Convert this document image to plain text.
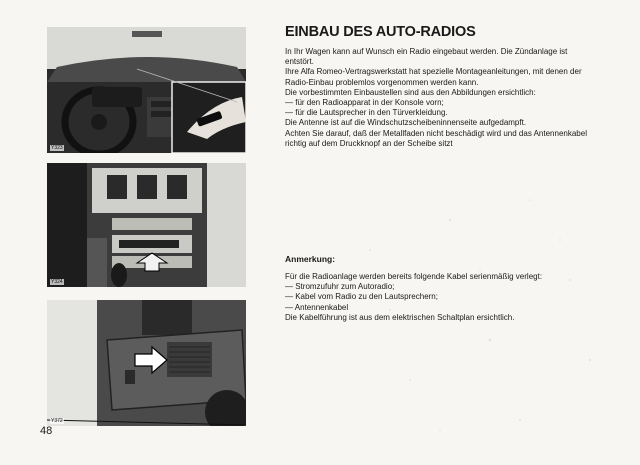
Y323
Y324
Y372
48
EINBAU DES AUTO-RADIOS
In Ihr Wagen kann auf Wunsch ein Radio eingebaut werden. Die Zündanlage ist
entstört.
Ihre Alfa Romeo-Vertragswerkstatt hat spezielle Montageanleitungen, mit denen der
Radio-Einbau problemlos vorgenommen werden kann.
Die vorbestimmten Einbaustellen sind aus den Abbildungen ersichtlich:
— für den Radioapparat in der Konsole vorn;
— für die Lautsprecher in den Türverkleidung.
Die Antenne ist auf die Windschutzscheibeninnenseite aufgedampft.
Achten Sie darauf, daß der Metallfaden nicht beschädigt wird und das Antennenkabel
richtig auf dem Druckknopf an der Scheibe sitzt
Anmerkung:
Für die Radioanlage werden bereits folgende Kabel serienmäßig verlegt:
— Stromzufuhr zum Autoradio;
— Kabel vom Radio zu den Lautsprechern;
— Antennenkabel
Die Kabelführung ist aus dem elektrischen Schaltplan ersichtlich.
